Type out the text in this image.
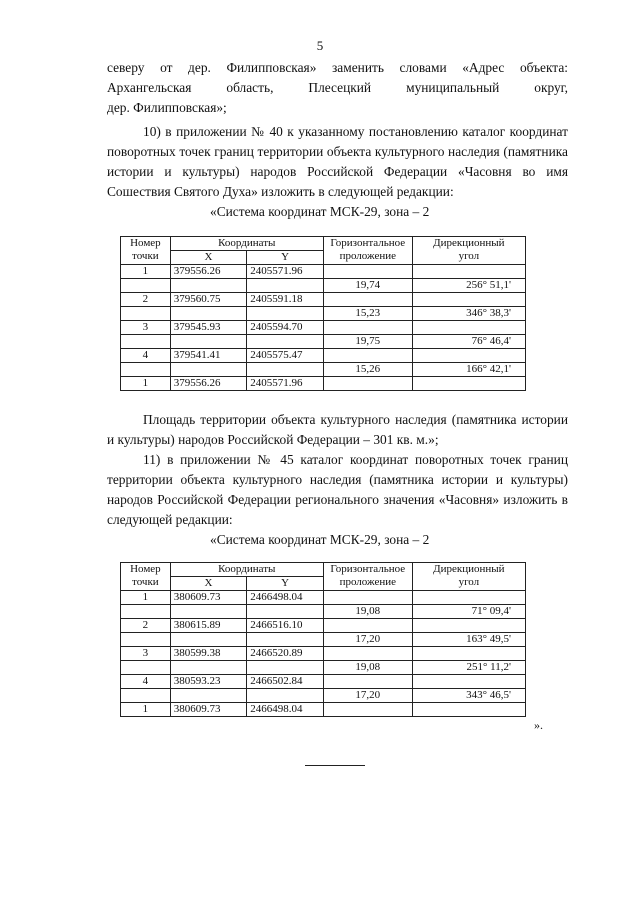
5
северу от дер. Филипповская» заменить словами «Адрес объекта:
Архангельская область, Плесецкий муниципальный округ,
дер. Филипповская»;
10) в приложении № 40 к указанному постановлению каталог координат поворотных точек границ территории объекта культурного наследия (памятника истории и культуры) народов Российской Федерации «Часовня во имя Сошествия Святого Духа» изложить в следующей редакции:
«Система координат МСК-29, зона – 2
Номер
точки	Координаты		Горизонтальное
проложение	Дирекционный
угол
	X	Y		
1	379556.26	2405571.96		
			19,74	256° 51,1'
2	379560.75	2405591.18		
			15,23	346° 38,3'
3	379545.93	2405594.70		
			19,75	76° 46,4'
4	379541.41	2405575.47		
			15,26	166° 42,1'
1	379556.26	2405571.96		
Площадь территории объекта культурного наследия (памятника истории и культуры) народов Российской Федерации – 301 кв. м.»;
11) в приложении № 45 каталог координат поворотных точек границ территории объекта культурного наследия (памятника истории и культуры) народов Российской Федерации регионального значения «Часовня» изложить в следующей редакции:
«Система координат МСК-29, зона – 2
Номер
точки	Координаты		Горизонтальное
проложение	Дирекционный
угол
	X	Y		
1	380609.73	2466498.04		
			19,08	71° 09,4'
2	380615.89	2466516.10		
			17,20	163° 49,5'
3	380599.38	2466520.89		
			19,08	251° 11,2'
4	380593.23	2466502.84		
			17,20	343° 46,5'
1	380609.73	2466498.04		
».
